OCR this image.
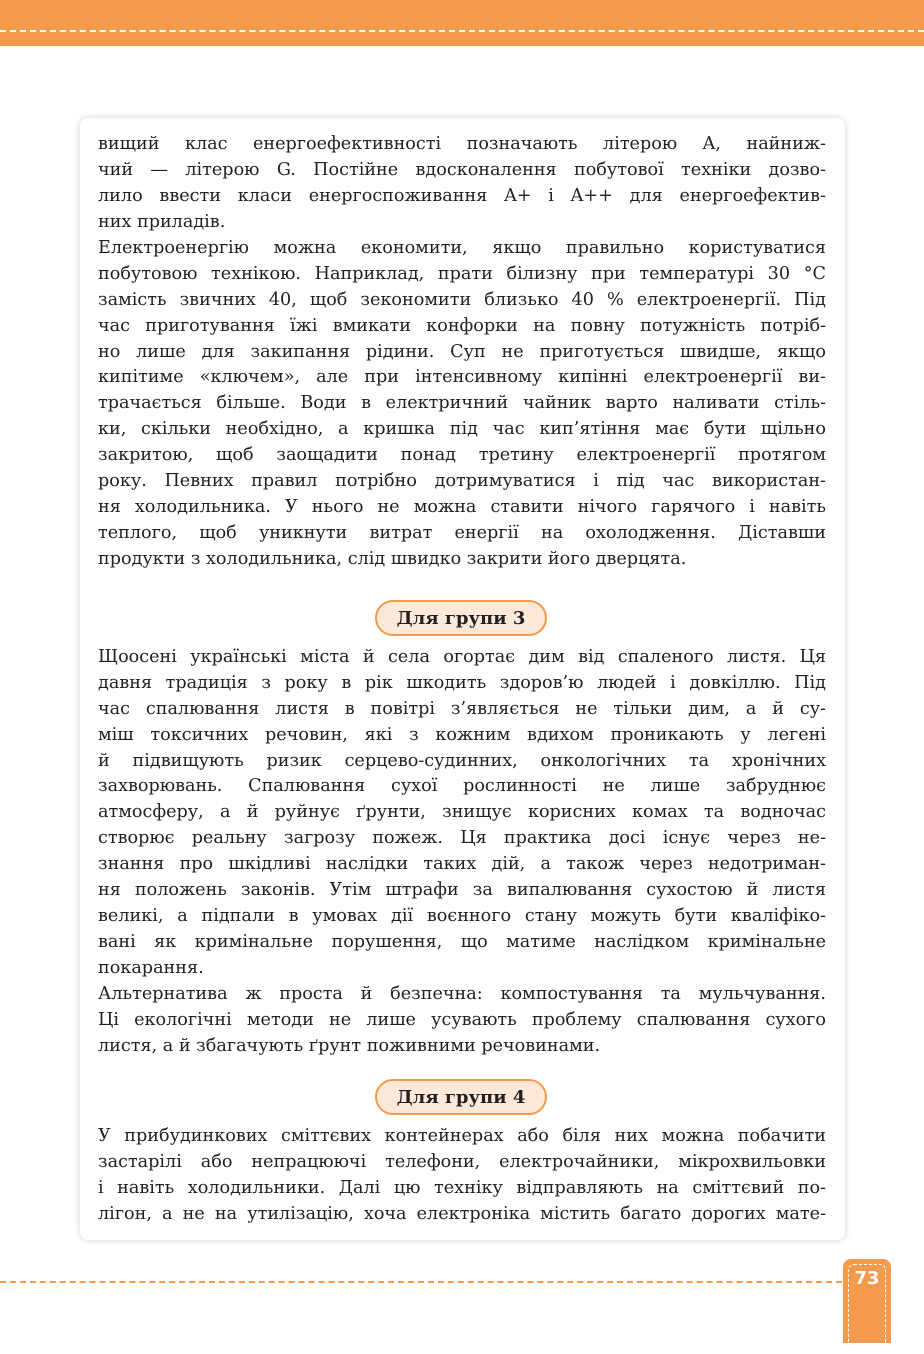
вищий клас енергоефективності позначають літерою A, найниж-
чий — літерою G. Постійне вдосконалення побутової техніки дозво-
лило ввести класи енергоспоживання A+ і A++ для енергоефектив-
них приладів.

Електроенергію можна економити, якщо правильно користуватися
побутовою технікою. Наприклад, прати білизну при температурі 30 °С
замість звичних 40, щоб зекономити близько 40 % електроенергії. Під
час приготування їжі вмикати конфорки на повну потужність потріб-
но лише для закипання рідини. Суп не приготується швидше, якщо
кипітиме «ключем», але при інтенсивному кипінні електроенергії ви-
трачається більше. Води в електричний чайник варто наливати стіль-
ки, скільки необхідно, а кришка під час кип’ятіння має бути щільно
закритою, щоб заощадити понад третину електроенергії протягом
року. Певних правил потрібно дотримуватися і під час використан-
ня холодильника. У нього не можна ставити нічого гарячого і навіть
теплого, щоб уникнути витрат енергії на охолодження. Діставши
продукти з холодильника, слід швидко закрити його дверцята.

Для групи 3

Щоосені українські міста й села огортає дим від спаленого листя. Ця
давня традиція з року в рік шкодить здоров’ю людей і довкіллю. Під
час спалювання листя в повітрі з’являється не тільки дим, а й су-
міш токсичних речовин, які з кожним вдихом проникають у легені
й підвищують ризик серцево-судинних, онкологічних та хронічних
захворювань. Спалювання сухої рослинності не лише забруднює
атмосферу, а й руйнує ґрунти, знищує корисних комах та водночас
створює реальну загрозу пожеж. Ця практика досі існує через не-
знання про шкідливі наслідки таких дій, а також через недотриман-
ня положень законів. Утім штрафи за випалювання сухостою й листя
великі, а підпали в умовах дії воєнного стану можуть бути кваліфіко-
вані як кримінальне порушення, що матиме наслідком кримінальне
покарання.

Альтернатива ж проста й безпечна: компостування та мульчування.
Ці екологічні методи не лише усувають проблему спалювання сухого
листя, а й збагачують ґрунт поживними речовинами.

Для групи 4

У прибудинкових сміттєвих контейнерах або біля них можна побачити
застарілі або непрацюючі телефони, електрочайники, мікрохвильовки
і навіть холодильники. Далі цю техніку відправляють на сміттєвий по-
лігон, а не на утилізацію, хоча електроніка містить багато дорогих мате-

73
